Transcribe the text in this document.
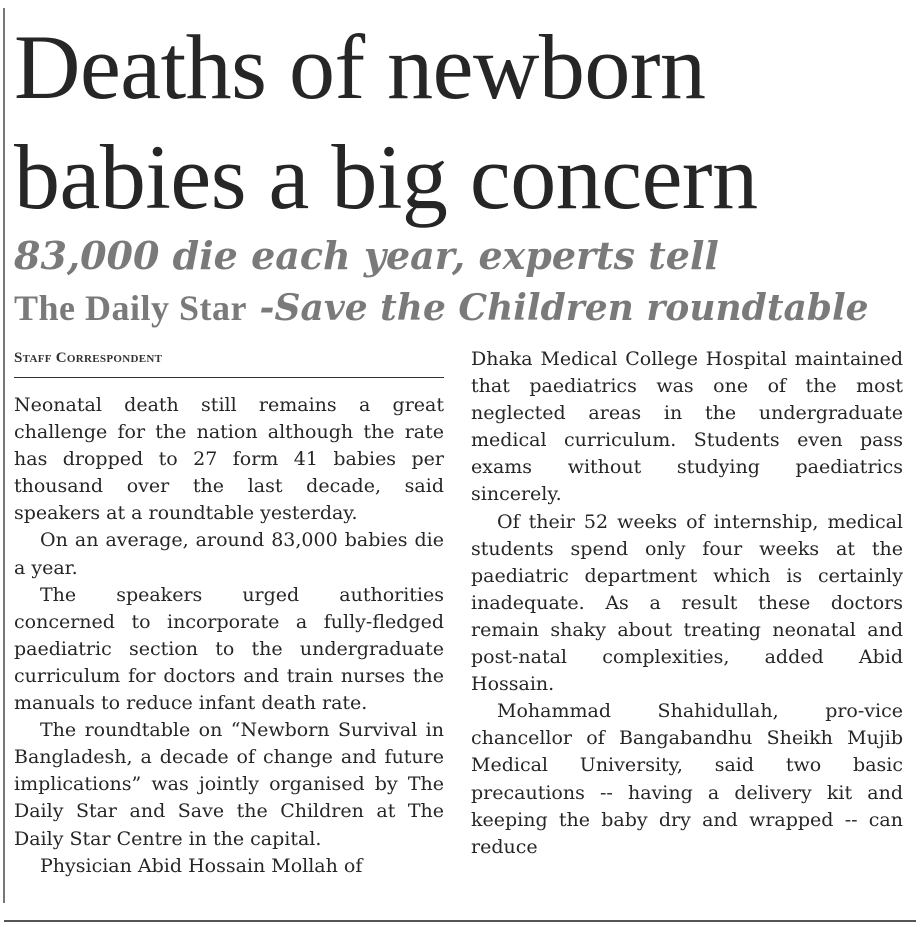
Deaths of newborn
babies a big concern
83,000 die each year, experts tell
The Daily Star -Save the Children roundtable
Staff Correspondent

Neonatal death still remains a great challenge for the nation although the rate has dropped to 27 form 41 babies per thousand over the last decade, said speakers at a roundtable yesterday.

On an average, around 83,000 babies die a year.

The speakers urged authorities concerned to incorporate a fully-fledged paediatric section to the undergraduate curriculum for doctors and train nurses the manuals to reduce infant death rate.

The roundtable on “Newborn Survival in Bangladesh, a decade of change and future implications” was jointly organised by The Daily Star and Save the Children at The Daily Star Centre in the capital.

Physician Abid Hossain Mollah of

Dhaka Medical College Hospital maintained that paediatrics was one of the most neglected areas in the undergraduate medical curriculum. Students even pass exams without studying paediatrics sincerely.

Of their 52 weeks of internship, medical students spend only four weeks at the paediatric department which is certainly inadequate. As a result these doctors remain shaky about treating neonatal and post-natal complexities, added Abid Hossain.

Mohammad Shahidullah, pro-vice chancellor of Bangabandhu Sheikh Mujib Medical University, said two basic precautions -- having a delivery kit and keeping the baby dry and wrapped -- can reduce
